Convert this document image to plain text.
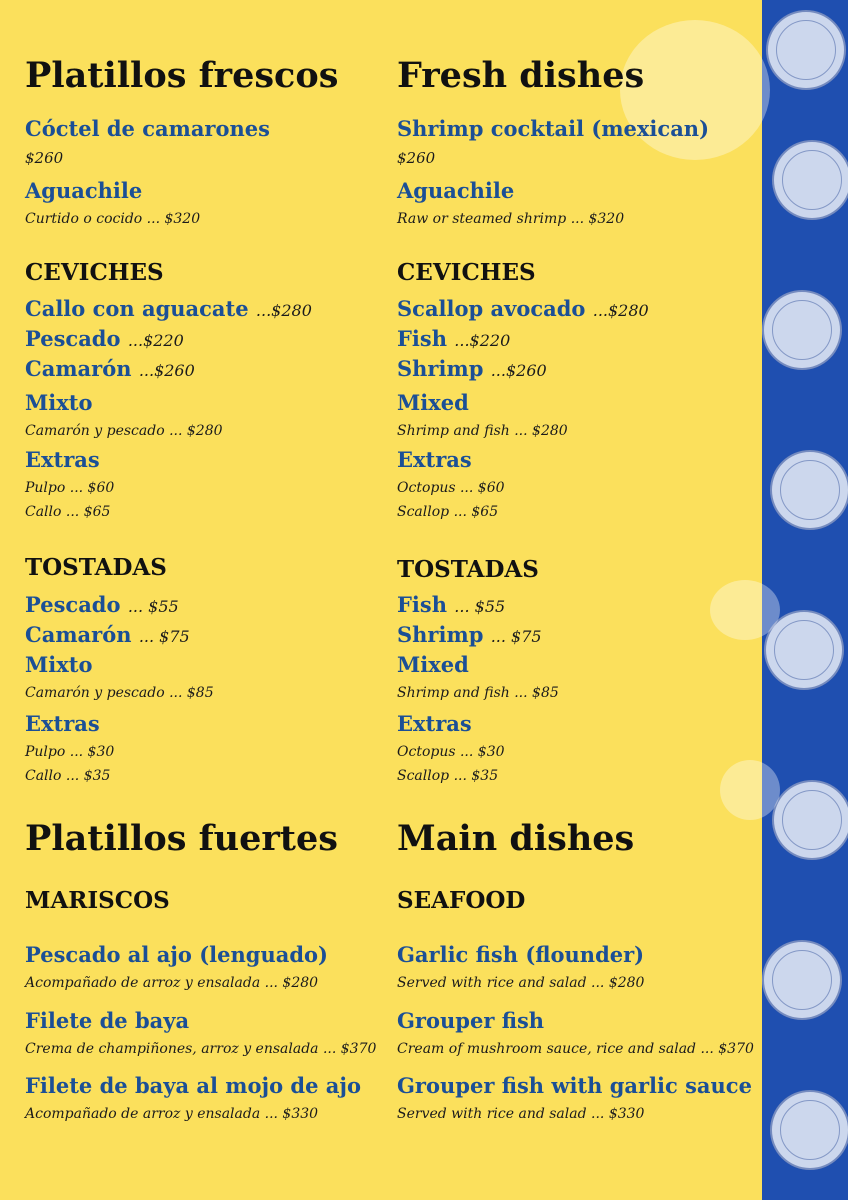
Platillos frescos
Cóctel de camarones
$260
Aguachile
Curtido o cocido ... $320
CEVICHES
Callo con aguacate ...$280
Pescado ...$220
Camarón ...$260
Mixto
Camarón y pescado ... $280
Extras
Pulpo ... $60
Callo ... $65
TOSTADAS
Pescado ... $55
Camarón ... $75
Mixto
Camarón y pescado ... $85
Extras
Pulpo ... $30
Callo ... $35
Platillos fuertes
MARISCOS
Pescado al ajo (lenguado)
Acompañado de arroz y ensalada ... $280
Filete de baya
Crema de champiñones, arroz y ensalada ... $370
Filete de baya al mojo de ajo
Acompañado de arroz y ensalada ... $330
Fresh dishes
Shrimp cocktail (mexican)
$260
Aguachile
Raw or steamed shrimp ... $320
CEVICHES
Scallop avocado ...$280
Fish ...$220
Shrimp ...$260
Mixed
Shrimp and fish ... $280
Extras
Octopus ... $60
Scallop ... $65
TOSTADAS
Fish ... $55
Shrimp ... $75
Mixed
Shrimp and fish ... $85
Extras
Octopus ... $30
Scallop ... $35
Main dishes
SEAFOOD
Garlic fish (flounder)
Served with rice and salad ... $280
Grouper fish
Cream of mushroom sauce, rice and salad ... $370
Grouper fish with garlic sauce
Served with rice and salad ... $330
